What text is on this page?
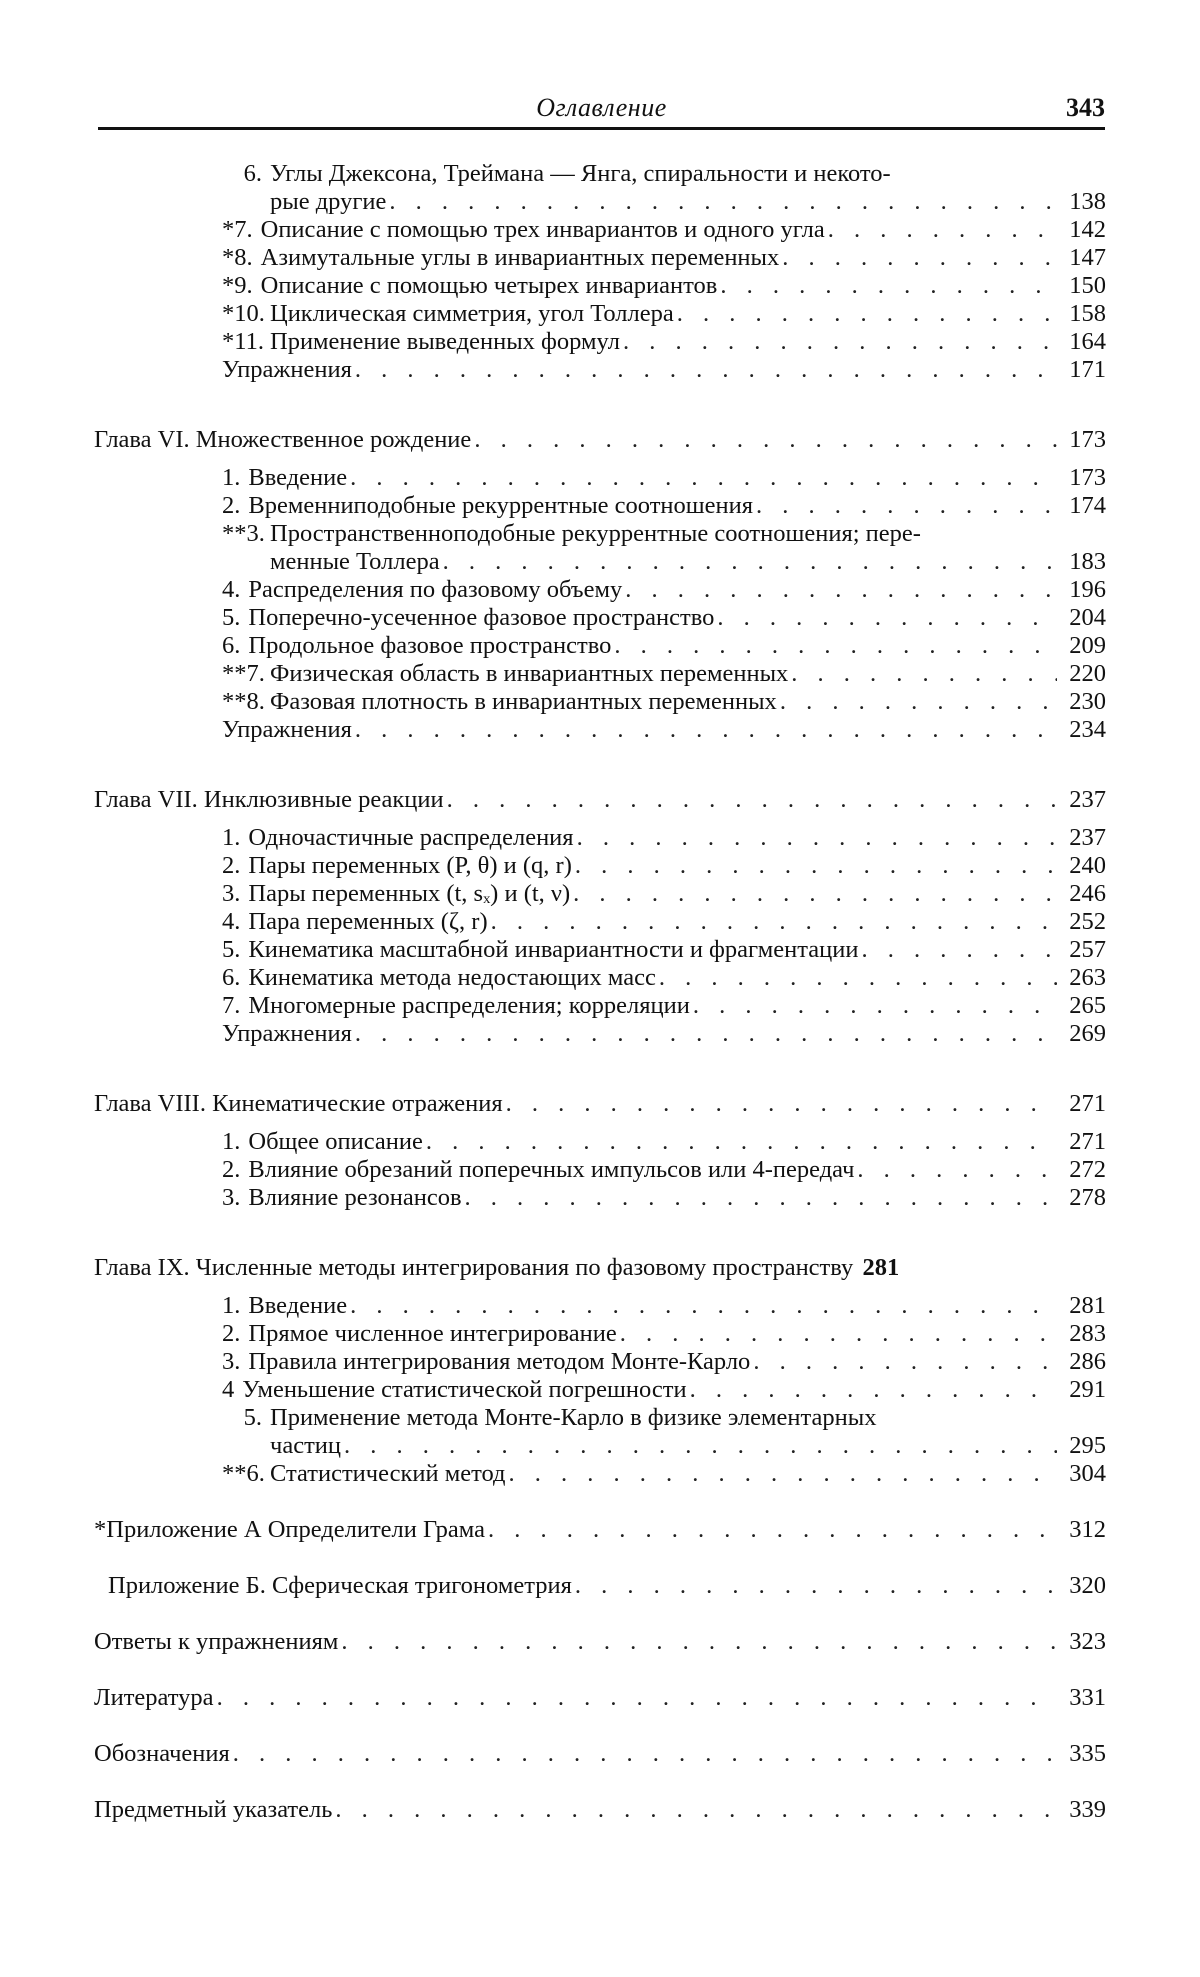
Оглавление	343
6. Углы Джексона, Треймана — Янга, спиральности и некото-
рые другие . . .	138
*7. Описание с помощью трех инвариантов и одного угла . . .	142
*8. Азимутальные углы в инвариантных переменных . . .	147
*9. Описание с помощью четырех инвариантов . . .	150
*10. Циклическая симметрия, угол Толлера . . .	158
*11. Применение выведенных формул . . .	164
Упражнения . . .	171
Глава VI. Множественное рождение . . .	173
1. Введение . . .	173
2. Временниподобные рекуррентные соотношения . . .	174
**3. Пространственноподобные рекуррентные соотношения; пере-
менные Толлера . . .	183
4. Распределения по фазовому объему . . .	196
5. Поперечно-усеченное фазовое пространство . . .	204
6. Продольное фазовое пространство . . .	209
**7. Физическая область в инвариантных переменных . . .	220
**8. Фазовая плотность в инвариантных переменных . . .	230
Упражнения . . .	234
Глава VII. Инклюзивные реакции . . .	237
1. Одночастичные распределения . . .	237
2. Пары переменных (P, θ) и (q, r) . . .	240
3. Пары переменных (t, sₓ) и (t, ν) . . .	246
4. Пара переменных (ζ, r) . . .	252
5. Кинематика масштабной инвариантности и фрагментации . . .	257
6. Кинематика метода недостающих масс . . .	263
7. Многомерные распределения; корреляции . . .	265
Упражнения . . .	269
Глава VIII. Кинематические отражения . . .	271
1. Общее описание . . .	271
2. Влияние обрезаний поперечных импульсов или 4-передач . . .	272
3. Влияние резонансов . . .	278
Глава IX. Численные методы интегрирования по фазовому пространству 281
1. Введение . . .	281
2. Прямое численное интегрирование . . .	283
3. Правила интегрирования методом Монте-Карло . . .	286
4 Уменьшение статистической погрешности . . .	291
5. Применение метода Монте-Карло в физике элементарных
частиц . . .	295
**6. Статистический метод . . .	304
*Приложение А Определители Грама . . .	312
Приложение Б. Сферическая тригонометрия . . .	320
Ответы к упражнениям . . .	323
Литература . . .	331
Обозначения . . .	335
Предметный указатель . . .	339
